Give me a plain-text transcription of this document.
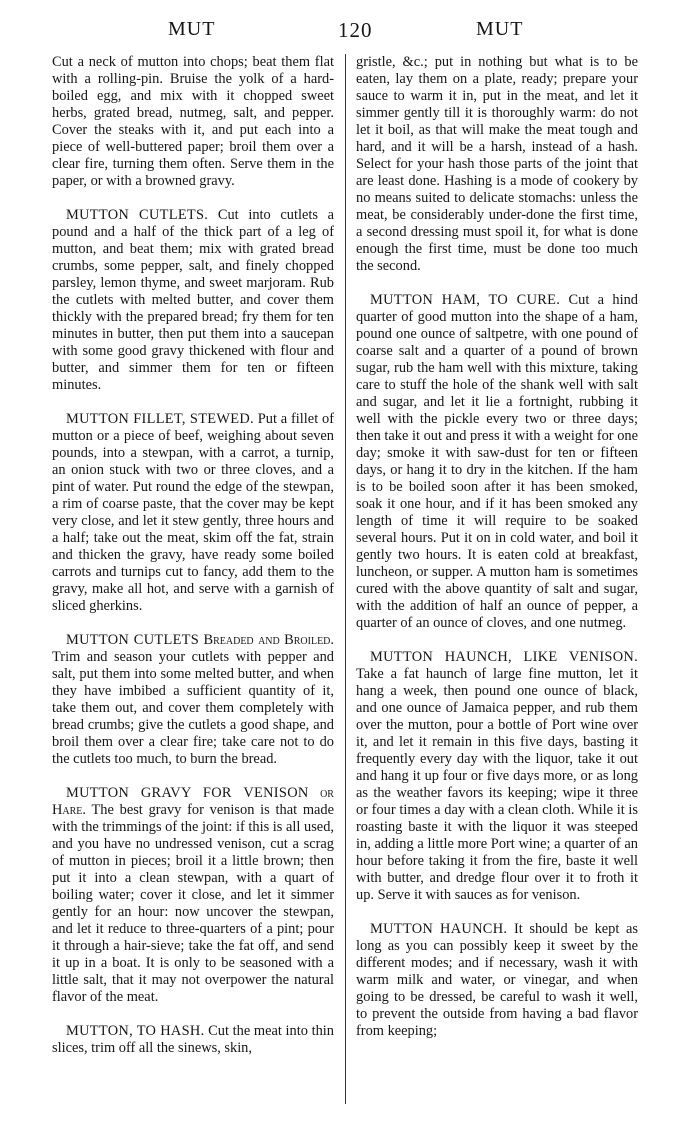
MUT	120	MUT

Cut a neck of mutton into chops; beat them flat with a rolling-pin. Bruise the yolk of a hard-boiled egg, and mix with it chopped sweet herbs, grated bread, nutmeg, salt, and pepper. Cover the steaks with it, and put each into a piece of well-buttered paper; broil them over a clear fire, turning them often. Serve them in the paper, or with a browned gravy.

MUTTON CUTLETS. Cut into cutlets a pound and a half of the thick part of a leg of mutton, and beat them; mix with grated bread crumbs, some pepper, salt, and finely chopped parsley, lemon thyme, and sweet marjoram. Rub the cutlets with melted butter, and cover them thickly with the prepared bread; fry them for ten minutes in butter, then put them into a saucepan with some good gravy thickened with flour and butter, and simmer them for ten or fifteen minutes.

MUTTON FILLET, STEWED. Put a fillet of mutton or a piece of beef, weighing about seven pounds, into a stewpan, with a carrot, a turnip, an onion stuck with two or three cloves, and a pint of water. Put round the edge of the stewpan, a rim of coarse paste, that the cover may be kept very close, and let it stew gently, three hours and a half; take out the meat, skim off the fat, strain and thicken the gravy, have ready some boiled carrots and turnips cut to fancy, add them to the gravy, make all hot, and serve with a garnish of sliced gherkins.

MUTTON CUTLETS Breaded and Broiled. Trim and season your cutlets with pepper and salt, put them into some melted butter, and when they have imbibed a sufficient quantity of it, take them out, and cover them completely with bread crumbs; give the cutlets a good shape, and broil them over a clear fire; take care not to do the cutlets too much, to burn the bread.

MUTTON GRAVY FOR VENISON or Hare. The best gravy for venison is that made with the trimmings of the joint: if this is all used, and you have no undressed venison, cut a scrag of mutton in pieces; broil it a little brown; then put it into a clean stewpan, with a quart of boiling water; cover it close, and let it simmer gently for an hour: now uncover the stewpan, and let it reduce to three-quarters of a pint; pour it through a hair-sieve; take the fat off, and send it up in a boat. It is only to be seasoned with a little salt, that it may not overpower the natural flavor of the meat.

MUTTON, TO HASH. Cut the meat into thin slices, trim off all the sinews, skin,

gristle, &c.; put in nothing but what is to be eaten, lay them on a plate, ready; prepare your sauce to warm it in, put in the meat, and let it simmer gently till it is thoroughly warm: do not let it boil, as that will make the meat tough and hard, and it will be a harsh, instead of a hash. Select for your hash those parts of the joint that are least done. Hashing is a mode of cookery by no means suited to delicate stomachs: unless the meat, be considerably under-done the first time, a second dressing must spoil it, for what is done enough the first time, must be done too much the second.

MUTTON HAM, TO CURE. Cut a hind quarter of good mutton into the shape of a ham, pound one ounce of saltpetre, with one pound of coarse salt and a quarter of a pound of brown sugar, rub the ham well with this mixture, taking care to stuff the hole of the shank well with salt and sugar, and let it lie a fortnight, rubbing it well with the pickle every two or three days; then take it out and press it with a weight for one day; smoke it with saw-dust for ten or fifteen days, or hang it to dry in the kitchen. If the ham is to be boiled soon after it has been smoked, soak it one hour, and if it has been smoked any length of time it will require to be soaked several hours. Put it on in cold water, and boil it gently two hours. It is eaten cold at breakfast, luncheon, or supper. A mutton ham is sometimes cured with the above quantity of salt and sugar, with the addition of half an ounce of pepper, a quarter of an ounce of cloves, and one nutmeg.

MUTTON HAUNCH, LIKE VENISON. Take a fat haunch of large fine mutton, let it hang a week, then pound one ounce of black, and one ounce of Jamaica pepper, and rub them over the mutton, pour a bottle of Port wine over it, and let it remain in this five days, basting it frequently every day with the liquor, take it out and hang it up four or five days more, or as long as the weather favors its keeping; wipe it three or four times a day with a clean cloth. While it is roasting baste it with the liquor it was steeped in, adding a little more Port wine; a quarter of an hour before taking it from the fire, baste it well with butter, and dredge flour over it to froth it up. Serve it with sauces as for venison.

MUTTON HAUNCH. It should be kept as long as you can possibly keep it sweet by the different modes; and if necessary, wash it with warm milk and water, or vinegar, and when going to be dressed, be careful to wash it well, to prevent the outside from having a bad flavor from keeping;
